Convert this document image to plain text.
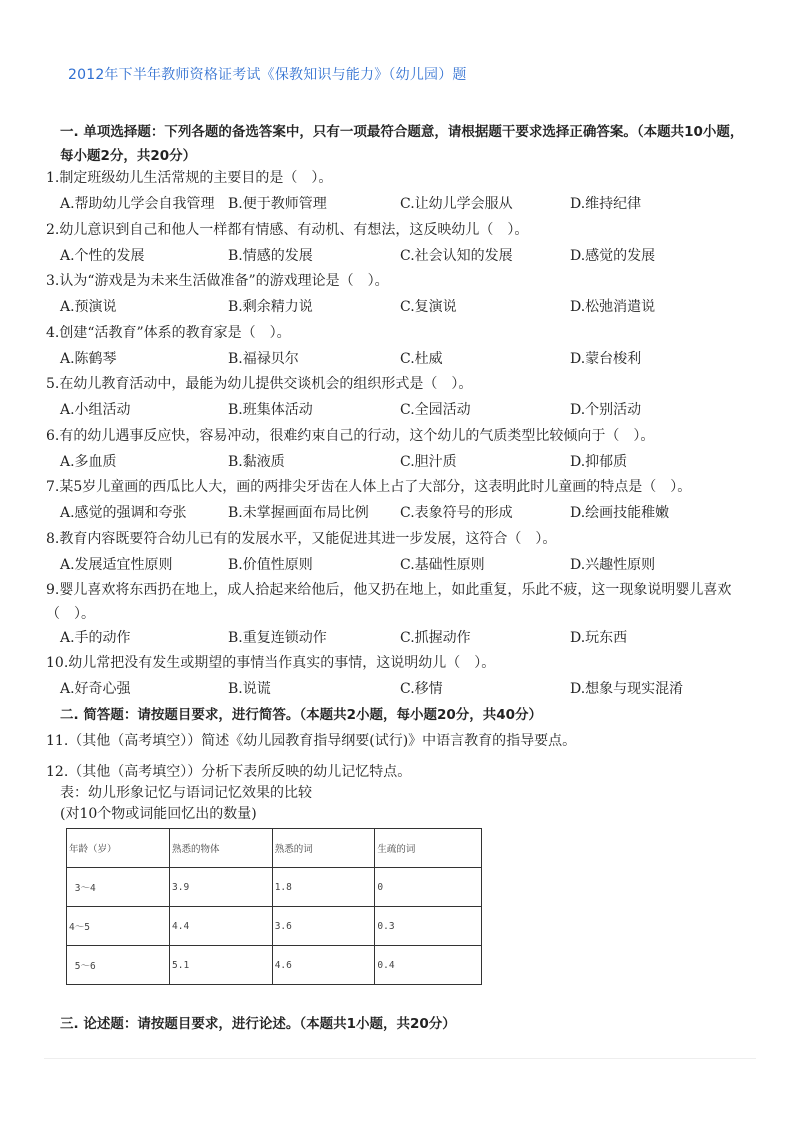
2012年下半年教师资格证考试《保教知识与能力》（幼儿园）题
一. 单项选择题：下列各题的备选答案中，只有一项最符合题意，请根据题干要求选择正确答案。（本题共10小题，每小题2分，共20分）
1.制定班级幼儿生活常规的主要目的是（　）。
A.帮助幼儿学会自我管理 B.便于教师管理	C.让幼儿学会服从	D.维持纪律
2.幼儿意识到自己和他人一样都有情感、有动机、有想法，这反映幼儿（　）。
A.个性的发展	B.情感的发展	C.社会认知的发展	D.感觉的发展
3.认为“游戏是为未来生活做准备”的游戏理论是（　）。
A.预演说	B.剩余精力说	C.复演说	D.松弛消遣说
4.创建“活教育”体系的教育家是（　）。
A.陈鹤琴	B.福禄贝尔	C.杜威	D.蒙台梭利
5.在幼儿教育活动中，最能为幼儿提供交谈机会的组织形式是（　）。
A.小组活动	B.班集体活动	C.全园活动	D.个别活动
6.有的幼儿遇事反应快，容易冲动，很难约束自己的行动，这个幼儿的气质类型比较倾向于（　）。
A.多血质	B.黏液质	C.胆汁质	D.抑郁质
7.某5岁儿童画的西瓜比人大，画的两排尖牙齿在人体上占了大部分，这表明此时儿童画的特点是（　）。
A.感觉的强调和夸张	B.未掌握画面布局比例 C.表象符号的形成	D.绘画技能稚嫩
8.教育内容既要符合幼儿已有的发展水平，又能促进其进一步发展，这符合（　）。
A.发展适宜性原则	B.价值性原则	C.基础性原则	D.兴趣性原则
9.婴儿喜欢将东西扔在地上，成人拾起来给他后，他又扔在地上，如此重复，乐此不疲，这一现象说明婴儿喜欢（　）。
A.手的动作	B.重复连锁动作	C.抓握动作	D.玩东西
10.幼儿常把没有发生或期望的事情当作真实的事情，这说明幼儿（　）。
A.好奇心强	B.说谎	C.移情	D.想象与现实混淆
二. 简答题：请按题目要求，进行简答。（本题共2小题，每小题20分，共40分）
11.（其他（高考填空））简述《幼儿园教育指导纲要(试行)》中语言教育的指导要点。
12.（其他（高考填空））分析下表所反映的幼儿记忆特点。
表：幼儿形象记忆与语词记忆效果的比较
(对10个物或词能回忆出的数量)
年龄（岁）	熟悉的物体	熟悉的词	生疏的词
3～4	3.9	1.8	0
4～5	4.4	3.6	0.3
5～6	5.1	4.6	0.4
三. 论述题：请按题目要求，进行论述。（本题共1小题，共20分）
